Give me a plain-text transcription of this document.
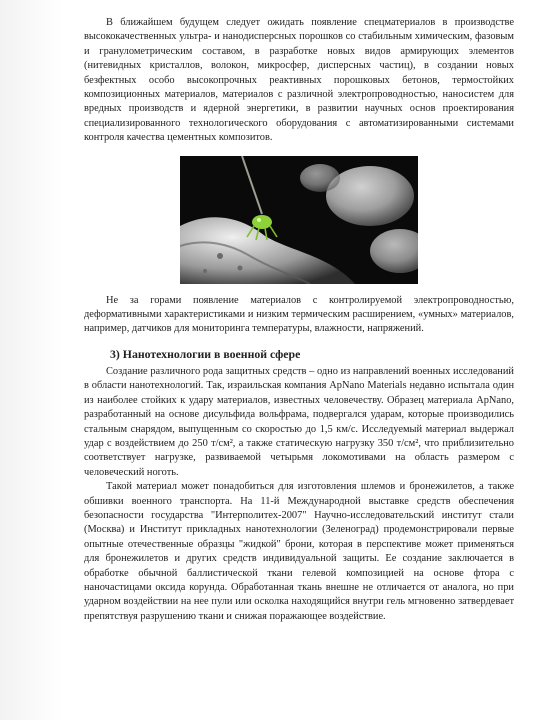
В ближайшем будущем следует ожидать появление спецматериалов в производстве высококачественных ультра- и нанодисперсных порошков со стабильным химическим, фазовым и гранулометрическим составом, в разработке новых видов армирующих элементов (нитевидных кристаллов, волокон, микросфер, дисперсных частиц), в создании новых безфектных особо высокопрочных реактивных порошковых бетонов, термостойких композиционных материалов, материалов с различной электропроводностью, наносистем для вредных производств и ядерной энергетики, в развитии научных основ проектирования специализированного технологического оборудования с автоматизированными системами контроля качества цементных композитов.

Не за горами появление материалов с контролируемой электропроводностью, деформативными характеристиками и низким термическим расширением, «умных» материалов, например, датчиков для мониторинга температуры, влажности, напряжений.

3) Нанотехнологии в военной сфере

Создание различного рода защитных средств – одно из направлений военных исследований в области нанотехнологий. Так, израильская компания ApNano Materials недавно испытала один из наиболее стойких к удару материалов, известных человечеству. Образец материала ApNano, разработанный на основе дисульфида вольфрама, подвергался ударам, которые производились стальным снарядом, выпущенным со скоростью до 1,5 км/с. Исследуемый материал выдержал удар с воздействием до 250 т/см², а также статическую нагрузку 350 т/см², что приблизительно соответствует нагрузке, развиваемой четырьмя локомотивами на область размером с человеческий ноготь.

Такой материал может понадобиться для изготовления шлемов и бронежилетов, а также обшивки военного транспорта. На 11-й Международной выставке средств обеспечения безопасности государства "Интерполитех-2007" Научно-исследовательский институт стали (Москва) и Институт прикладных нанотехнологии (Зеленоград) продемонстрировали первые опытные отечественные образцы "жидкой" брони, которая в перспективе может применяться для бронежилетов и других средств индивидуальной защиты. Ее создание заключается в обработке обычной баллистической ткани гелевой композицией на основе фтора с наночастицами оксида корунда. Обработанная ткань внешне не отличается от аналога, но при ударном воздействии на нее пули или осколка находящийся внутри гель мгновенно затвердевает препятствуя разрушению ткани и снижая поражающее воздействие.
